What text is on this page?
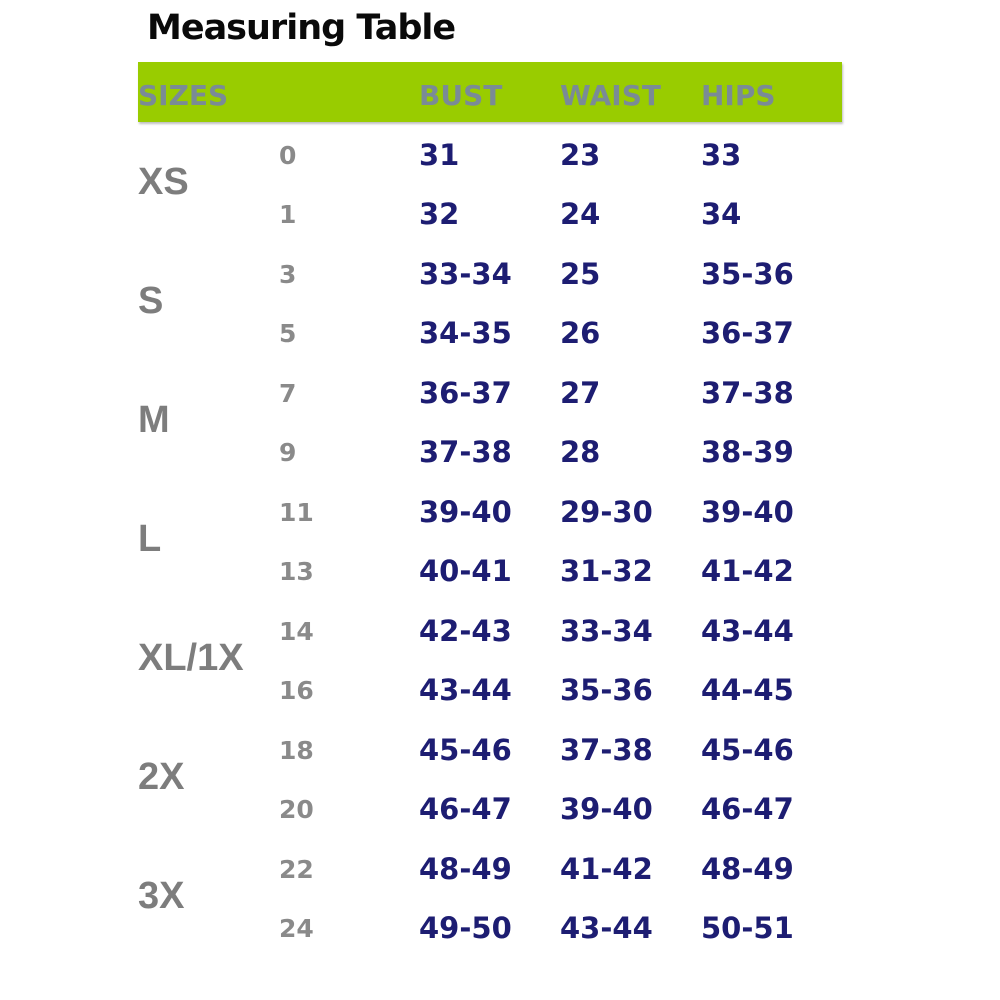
Measuring Table
SIZES	BUST WAIST HIPS
XS
0	31	23	33
1	32	24	34
S
3	33-34 25	35-36
5	34-35 26	36-37
M
7	36-37 27	37-38
9	37-38 28	38-39
L
11	39-40 29-30 39-40
13	40-41 31-32 41-42
XL/1X
14	42-43 33-34 43-44
16	43-44 35-36 44-45
2X
18	45-46 37-38 45-46
20	46-47 39-40 46-47
3X
22	48-49 41-42 48-49
24	49-50 43-44 50-51
